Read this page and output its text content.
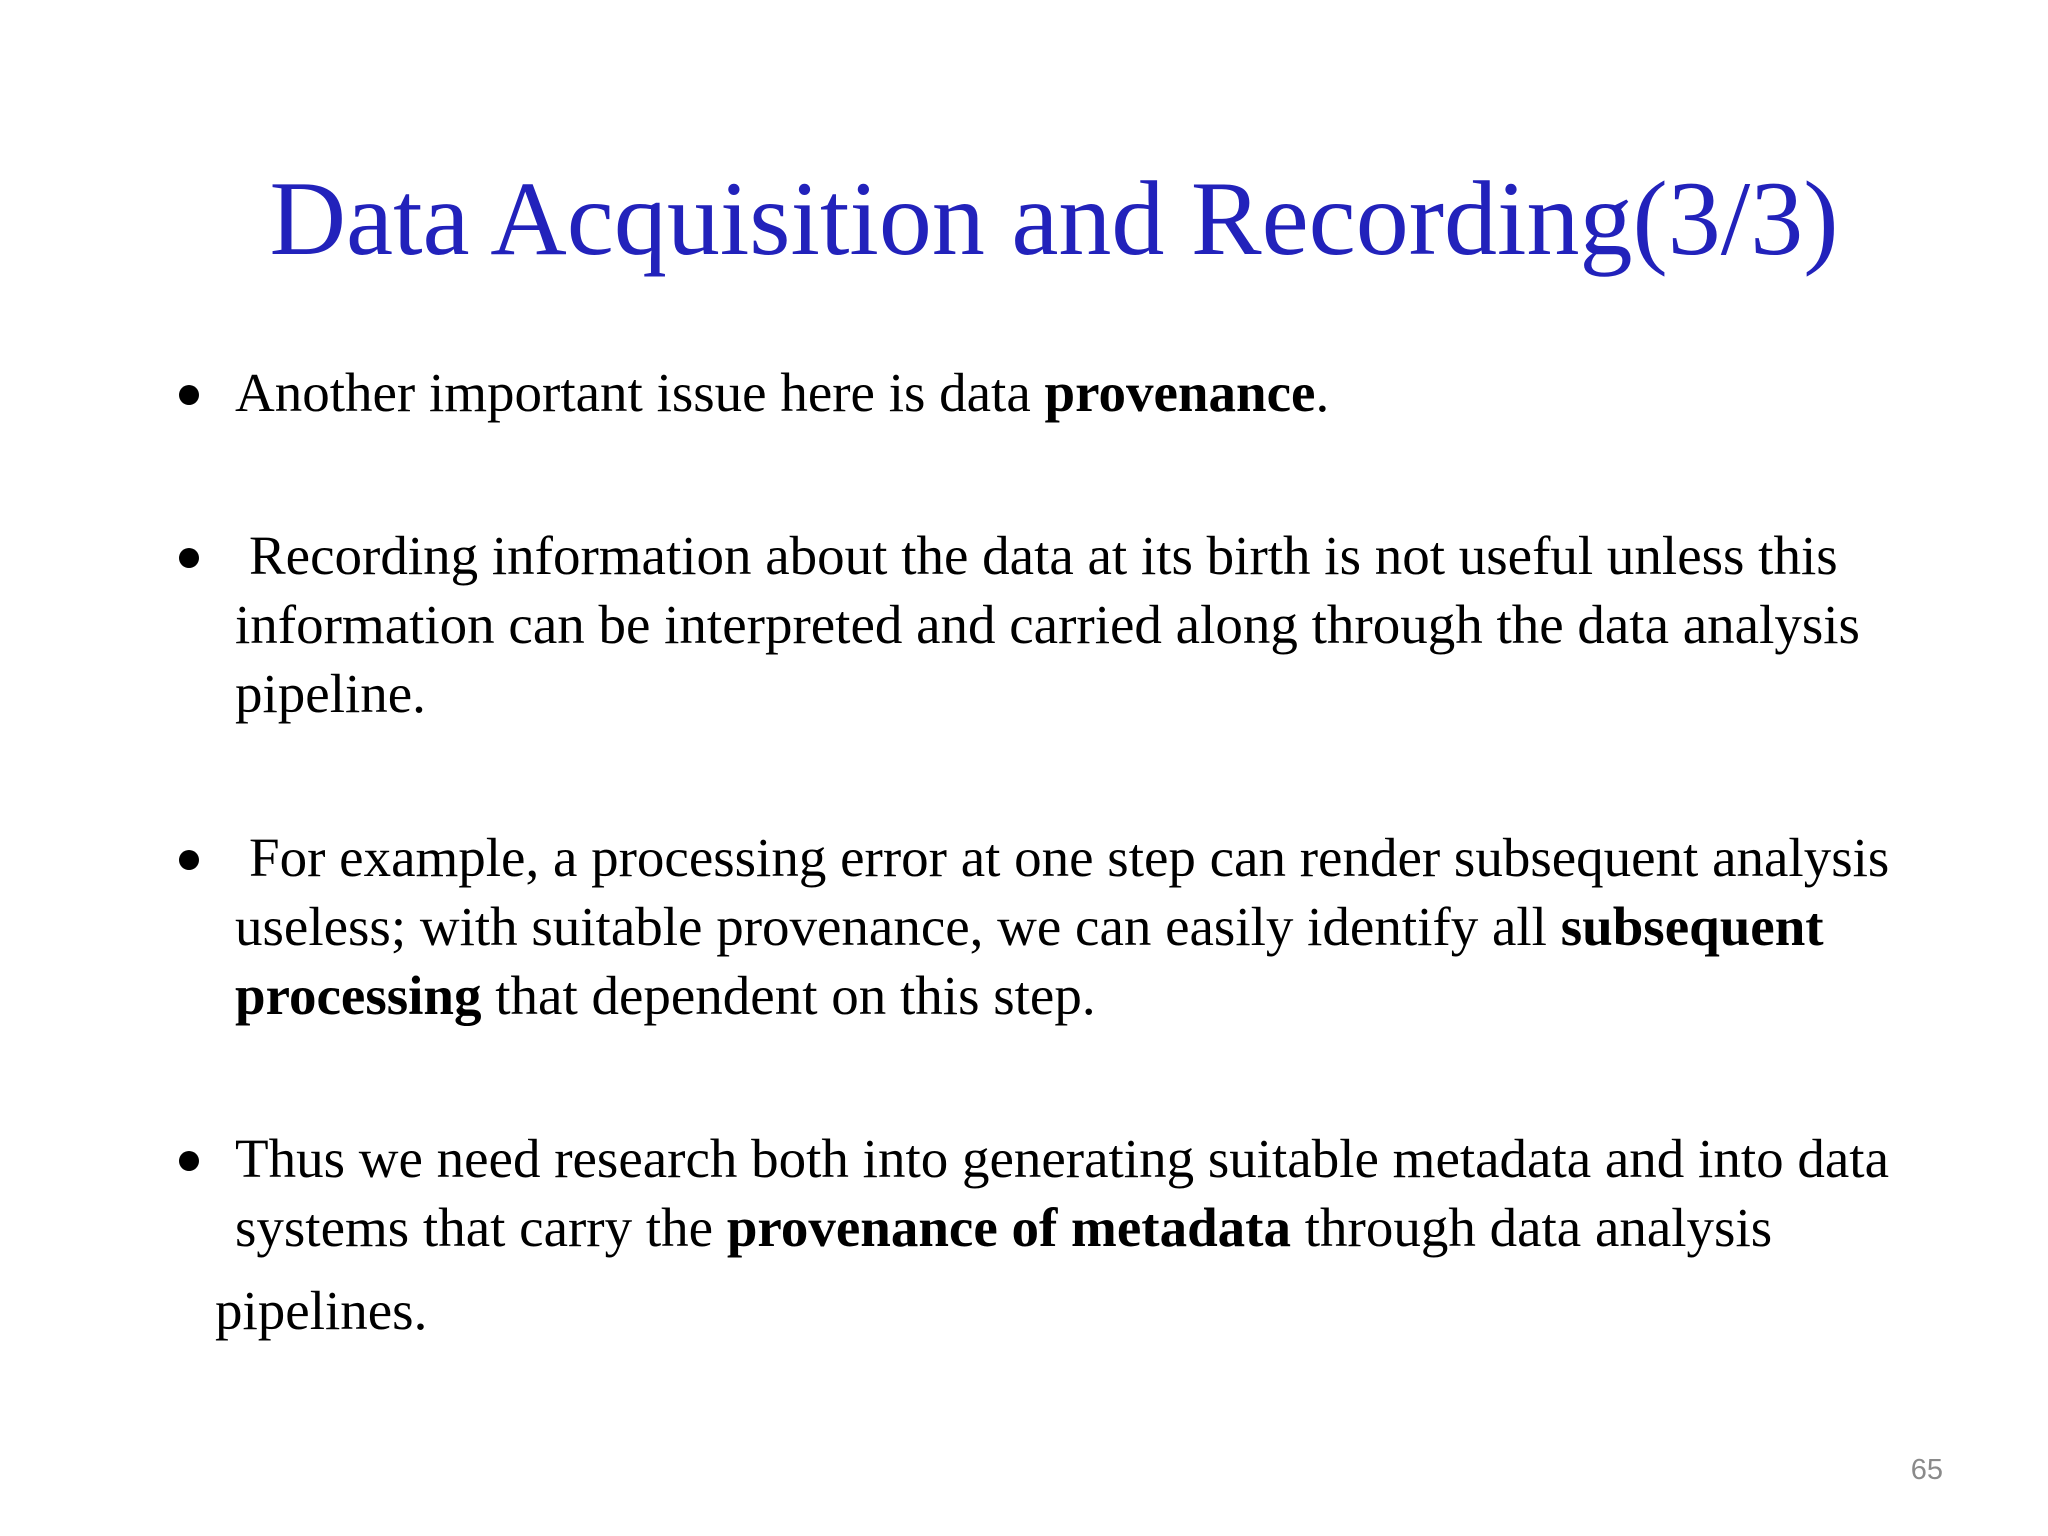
Data Acquisition and Recording(3/3)

Another important issue here is data provenance.

Recording information about the data at its birth is not useful unless this
information can be interpreted and carried along through the data analysis
pipeline.

For example, a processing error at one step can render subsequent analysis
useless; with suitable provenance, we can easily identify all subsequent
processing that dependent on this step.

Thus we need research both into generating suitable metadata and into data
systems that carry the provenance of metadata through data analysis
pipelines.

65
